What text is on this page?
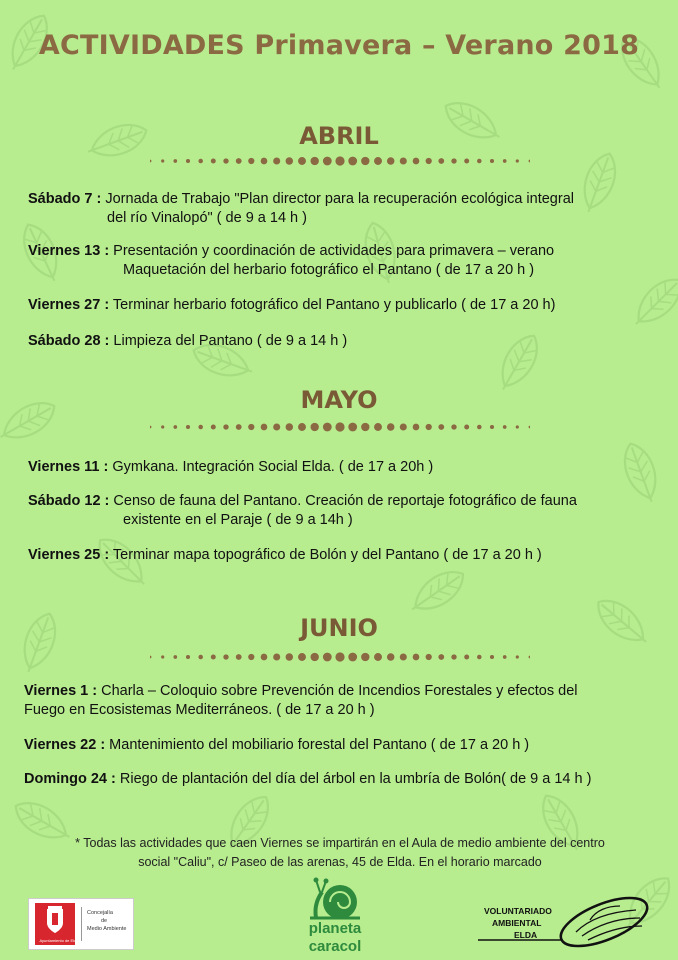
ACTIVIDADES Primavera – Verano 2018
ABRIL
Sábado 7 : Jornada de Trabajo "Plan director para la recuperación ecológica integral
del río Vinalopó" ( de 9 a 14 h )
Viernes 13 : Presentación y coordinación de actividades para primavera – verano
Maquetación del herbario fotográfico el Pantano ( de 17 a 20 h )
Viernes 27 : Terminar herbario fotográfico del Pantano y publicarlo ( de 17 a 20 h)
Sábado 28 : Limpieza del Pantano ( de 9 a 14 h )
MAYO
Viernes 11 : Gymkana. Integración Social Elda. ( de 17 a 20h )
Sábado 12 : Censo de fauna del Pantano. Creación de reportaje fotográfico de fauna
existente en el Paraje ( de 9 a 14h )
Viernes 25 : Terminar mapa topográfico de Bolón y del Pantano ( de 17 a 20 h )
JUNIO
Viernes 1 : Charla – Coloquio sobre Prevención de Incendios Forestales y efectos del
Fuego en Ecosistemas Mediterráneos. ( de 17 a 20 h )
Viernes 22 : Mantenimiento del mobiliario forestal del Pantano ( de 17 a 20 h )
Domingo 24 : Riego de plantación del día del árbol en la umbría de Bolón( de 9 a 14 h )
* Todas las actividades que caen Viernes se impartirán en el Aula de medio ambiente del centro
social "Caliu", c/ Paseo de las arenas, 45 de Elda. En el horario marcado
Ayuntamiento de Elda
Concejalía
de
Medio Ambiente	planeta
caracol
VOLUNTARIADO
AMBIENTAL
ELDA
